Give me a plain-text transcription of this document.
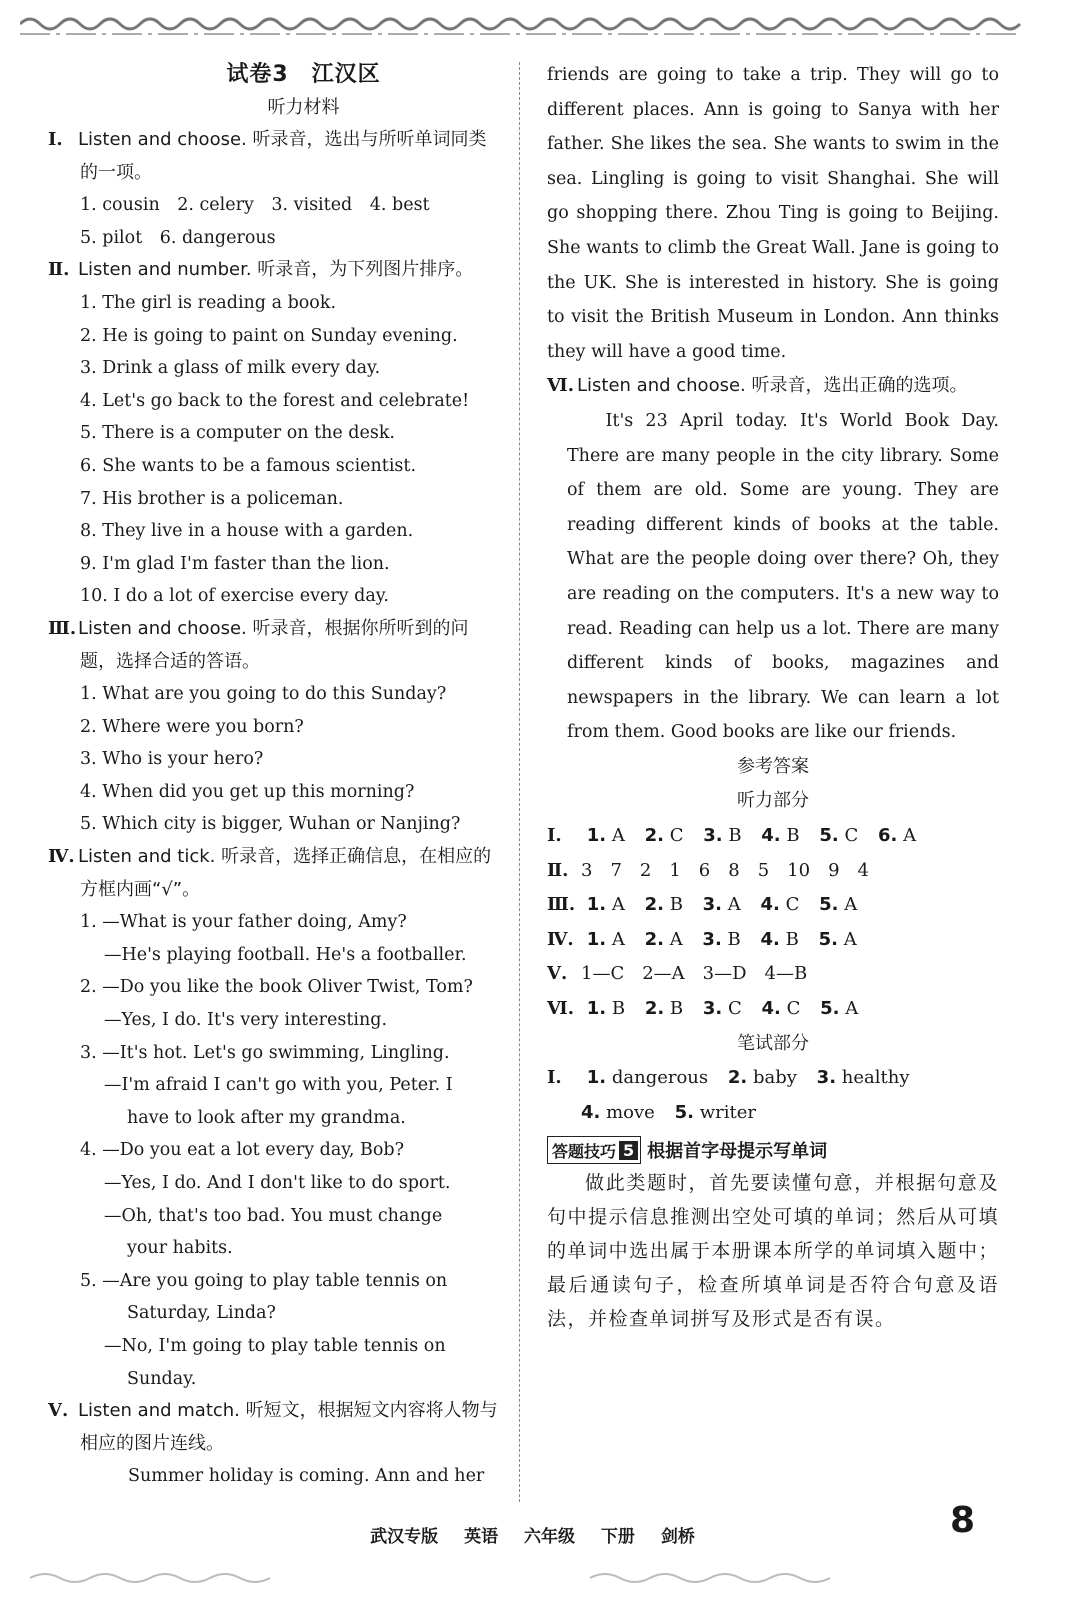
试卷3　江汉区
听力材料
Ⅰ. Listen and choose. 听录音，选出与所听单词同类的一项。
1. cousin　2. celery　3. visited　4. best
5. pilot　6. dangerous
Ⅱ. Listen and number. 听录音，为下列图片排序。
1. The girl is reading a book.
2. He is going to paint on Sunday evening.
3. Drink a glass of milk every day.
4. Let's go back to the forest and celebrate!
5. There is a computer on the desk.
6. She wants to be a famous scientist.
7. His brother is a policeman.
8. They live in a house with a garden.
9. I'm glad I'm faster than the lion.
10. I do a lot of exercise every day.
Ⅲ. Listen and choose. 听录音，根据你所听到的问题，选择合适的答语。
1. What are you going to do this Sunday?
2. Where were you born?
3. Who is your hero?
4. When did you get up this morning?
5. Which city is bigger, Wuhan or Nanjing?
Ⅳ. Listen and tick. 听录音，选择正确信息，在相应的方框内画“√”。
1. —What is your father doing, Amy?
—He's playing football. He's a footballer.
2. —Do you like the book Oliver Twist, Tom?
—Yes, I do. It's very interesting.
3. —It's hot. Let's go swimming, Lingling.
—I'm afraid I can't go with you, Peter. I
have to look after my grandma.
4. —Do you eat a lot every day, Bob?
—Yes, I do. And I don't like to do sport.
—Oh, that's too bad. You must change
your habits.
5. —Are you going to play table tennis on
Saturday, Linda?
—No, I'm going to play table tennis on
Sunday.
Ⅴ. Listen and match. 听短文，根据短文内容将人物与相应的图片连线。
Summer holiday is coming. Ann and her
friends are going to take a trip. They will go to different places. Ann is going to Sanya with her father. She likes the sea. She wants to swim in the sea. Lingling is going to visit Shanghai. She will go shopping there. Zhou Ting is going to Beijing. She wants to climb the Great Wall. Jane is going to the UK. She is interested in history. She is going to visit the British Museum in London. Ann thinks they will have a good time.
Ⅵ. Listen and choose. 听录音，选出正确的选项。
It's 23 April today. It's World Book Day. There are many people in the city library. Some of them are old. Some are young. They are reading different kinds of books at the table. What are the people doing over there? Oh, they are reading on the computers. It's a new way to read. Reading can help us a lot. There are many different kinds of books, magazines and newspapers in the library. We can learn a lot from them. Good books are like our friends.
参考答案
听力部分
Ⅰ. 1. A 2. C 3. B 4. B 5. C 6. A
Ⅱ. 3　7　2　1　6　8　5　10　9　4
Ⅲ. 1. A 2. B 3. A 4. C 5. A
Ⅳ. 1. A 2. A 3. B 4. B 5. A
Ⅴ. 1—C　2—A　3—D　4—B
Ⅵ. 1. B 2. B 3. C 4. C 5. A
笔试部分
Ⅰ. 1. dangerous 2. baby 3. healthy
4. move 5. writer
答题技巧 5 根据首字母提示写单词
做此类题时，首先要读懂句意，并根据句意及句中提示信息推测出空处可填的单词；然后从可填的单词中选出属于本册课本所学的单词填入题中；最后通读句子，检查所填单词是否符合句意及语法，并检查单词拼写及形式是否有误。
武汉专版 英语 六年级 下册 剑桥	8
